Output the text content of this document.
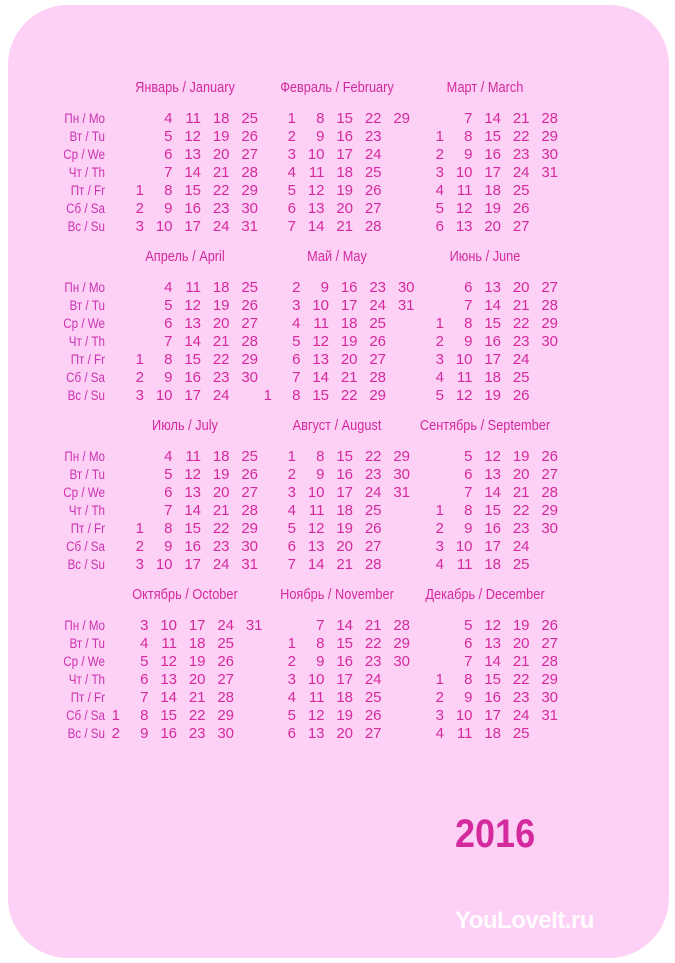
Пн / Mo
Вт / Tu
Ср / We
Чт / Th
Пт / Fr
Сб / Sa
Вс / Su
Пн / Mo
Вт / Tu
Ср / We
Чт / Th
Пт / Fr
Сб / Sa
Вс / Su
Пн / Mo
Вт / Tu
Ср / We
Чт / Th
Пт / Fr
Сб / Sa
Вс / Su
Пн / Mo
Вт / Tu
Ср / We
Чт / Th
Пт / Fr
Сб / Sa
Вс / Su
Январь / January
1
2
3
4
5
6
7
8
9
10
11
12
13
14
15
16
17
18
19
20
21
22
23
24
25
26
27
28
29
30
31
Февраль / February
1
2
3
4
5
6
7
8
9
10
11
12
13
14
15
16
17
18
19
20
21
22
23
24
25
26
27
28
29
Март / March
1
2
3
4
5
6
7
8
9
10
11
12
13
14
15
16
17
18
19
20
21
22
23
24
25
26
27
28
29
30
31
Апрель / April
1
2
3
4
5
6
7
8
9
10
11
12
13
14
15
16
17
18
19
20
21
22
23
24
25
26
27
28
29
30
Май / May
1
2
3
4
5
6
7
8
9
10
11
12
13
14
15
16
17
18
19
20
21
22
23
24
25
26
27
28
29
30
31
Июнь / June
1
2
3
4
5
6
7
8
9
10
11
12
13
14
15
16
17
18
19
20
21
22
23
24
25
26
27
28
29
30
Июль / July
1
2
3
4
5
6
7
8
9
10
11
12
13
14
15
16
17
18
19
20
21
22
23
24
25
26
27
28
29
30
31
Август / August
1
2
3
4
5
6
7
8
9
10
11
12
13
14
15
16
17
18
19
20
21
22
23
24
25
26
27
28
29
30
31
Сентябрь / September
1
2
3
4
5
6
7
8
9
10
11
12
13
14
15
16
17
18
19
20
21
22
23
24
25
26
27
28
29
30
Октябрь / October
1
2
3
4
5
6
7
8
9
10
11
12
13
14
15
16
17
18
19
20
21
22
23
24
25
26
27
28
29
30
31
Ноябрь / November
1
2
3
4
5
6
7
8
9
10
11
12
13
14
15
16
17
18
19
20
21
22
23
24
25
26
27
28
29
30
Декабрь / December
1
2
3
4
5
6
7
8
9
10
11
12
13
14
15
16
17
18
19
20
21
22
23
24
25
26
27
28
29
30
31
2016
YouLoveIt.ru
